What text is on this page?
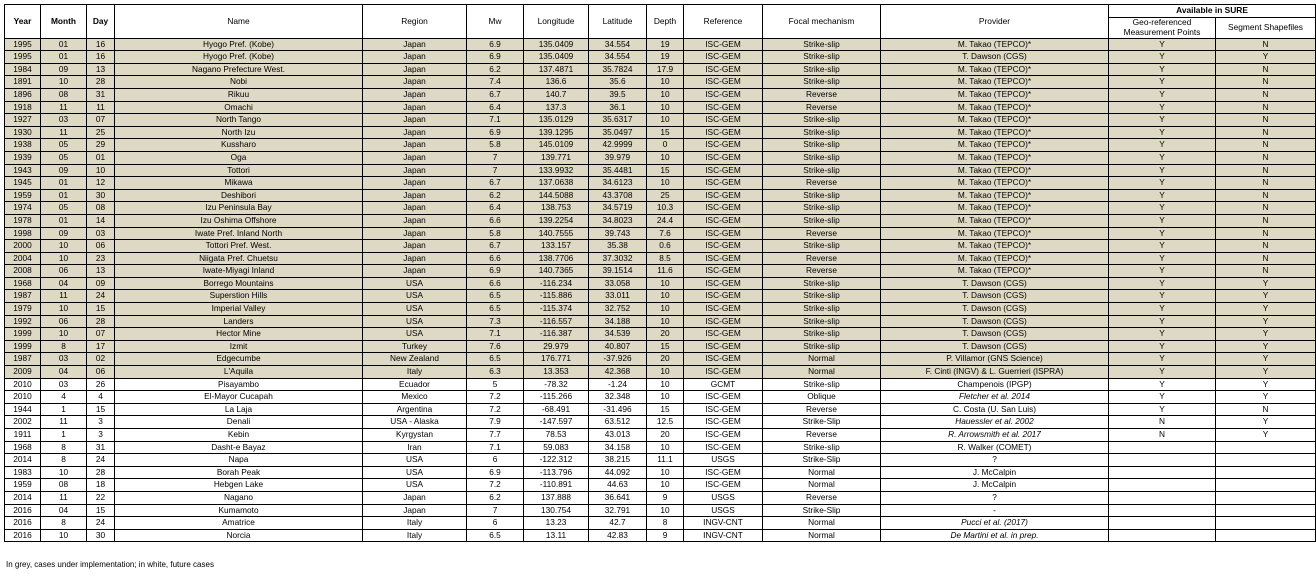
Year	Month	Day	Name	Region	Mw	Longitude	Latitude	Depth	Reference	Focal mechanism	Provider	Available in SURE	
												Geo-referenced Measurement Points	Segment Shapefiles
1995	01	16	Hyogo Pref. (Kobe)	Japan	6.9	135.0409	34.554	19	ISC-GEM	Strike-slip	M. Takao (TEPCO)*	Y	N
1995	01	16	Hyogo Pref. (Kobe)	Japan	6.9	135.0409	34.554	19	ISC-GEM	Strike-slip	T. Dawson (CGS)	Y	Y
1984	09	13	Nagano Prefecture West.	Japan	6.2	137.4871	35.7824	17.9	ISC-GEM	Strike-slip	M. Takao (TEPCO)*	Y	N
1891	10	28	Nobi	Japan	7.4	136.6	35.6	10	ISC-GEM	Strike-slip	M. Takao (TEPCO)*	Y	N
1896	08	31	Rikuu	Japan	6.7	140.7	39.5	10	ISC-GEM	Reverse	M. Takao (TEPCO)*	Y	N
1918	11	11	Omachi	Japan	6.4	137.3	36.1	10	ISC-GEM	Reverse	M. Takao (TEPCO)*	Y	N
1927	03	07	North Tango	Japan	7.1	135.0129	35.6317	10	ISC-GEM	Strike-slip	M. Takao (TEPCO)*	Y	N
1930	11	25	North Izu	Japan	6.9	139.1295	35.0497	15	ISC-GEM	Strike-slip	M. Takao (TEPCO)*	Y	N
1938	05	29	Kussharo	Japan	5.8	145.0109	42.9999	0	ISC-GEM	Strike-slip	M. Takao (TEPCO)*	Y	N
1939	05	01	Oga	Japan	7	139.771	39.979	10	ISC-GEM	Strike-slip	M. Takao (TEPCO)*	Y	N
1943	09	10	Tottori	Japan	7	133.9932	35.4481	15	ISC-GEM	Strike-slip	M. Takao (TEPCO)*	Y	N
1945	01	12	Mikawa	Japan	6.7	137.0638	34.6123	10	ISC-GEM	Reverse	M. Takao (TEPCO)*	Y	N
1959	01	30	Deshibori	Japan	6.2	144.5088	43.3708	25	ISC-GEM	Strike-slip	M. Takao (TEPCO)*	Y	N
1974	05	08	Izu Peninsula Bay	Japan	6.4	138.753	34.5719	10.3	ISC-GEM	Strike-slip	M. Takao (TEPCO)*	Y	N
1978	01	14	Izu Oshima Offshore	Japan	6.6	139.2254	34.8023	24.4	ISC-GEM	Strike-slip	M. Takao (TEPCO)*	Y	N
1998	09	03	Iwate Pref. Inland North	Japan	5.8	140.7555	39.743	7.6	ISC-GEM	Reverse	M. Takao (TEPCO)*	Y	N
2000	10	06	Tottori Pref. West.	Japan	6.7	133.157	35.38	0.6	ISC-GEM	Strike-slip	M. Takao (TEPCO)*	Y	N
2004	10	23	Niigata Pref. Chuetsu	Japan	6.6	138.7706	37.3032	8.5	ISC-GEM	Reverse	M. Takao (TEPCO)*	Y	N
2008	06	13	Iwate-Miyagi Inland	Japan	6.9	140.7365	39.1514	11.6	ISC-GEM	Reverse	M. Takao (TEPCO)*	Y	N
1968	04	09	Borrego Mountains	USA	6.6	-116.234	33.058	10	ISC-GEM	Strike-slip	T. Dawson (CGS)	Y	Y
1987	11	24	Superstion Hills	USA	6.5	-115.886	33.011	10	ISC-GEM	Strike-slip	T. Dawson (CGS)	Y	Y
1979	10	15	Imperial Valley	USA	6.5	-115.374	32.752	10	ISC-GEM	Strike-slip	T. Dawson (CGS)	Y	Y
1992	06	28	Landers	USA	7.3	-116.557	34.188	10	ISC-GEM	Strike-slip	T. Dawson (CGS)	Y	Y
1999	10	07	Hector Mine	USA	7.1	-116.387	34.539	20	ISC-GEM	Strike-slip	T. Dawson (CGS)	Y	Y
1999	8	17	Izmit	Turkey	7.6	29.979	40.807	15	ISC-GEM	Strike-slip	T. Dawson (CGS)	Y	Y
1987	03	02	Edgecumbe	New Zealand	6.5	176.771	-37.926	20	ISC-GEM	Normal	P. Villamor (GNS Science)	Y	Y
2009	04	06	L'Aquila	Italy	6.3	13.353	42.368	10	ISC-GEM	Normal	F. Cinti (INGV) & L. Guerrieri (ISPRA)	Y	Y
2010	03	26	Pisayambo	Ecuador	5	-78.32	-1.24	10	GCMT	Strike-slip	Champenois (IPGP)	Y	Y
2010	4	4	El-Mayor Cucapah	Mexico	7.2	-115.266	32.348	10	ISC-GEM	Oblique	Fletcher et al. 2014	Y	Y
1944	1	15	La Laja	Argentina	7.2	-68.491	-31.496	15	ISC-GEM	Reverse	C. Costa (U. San Luis)	Y	N
2002	11	3	Denali	USA - Alaska	7.9	-147.597	63.512	12.5	ISC-GEM	Strike-Slip	Hauessler et al. 2002	N	Y
1911	1	3	Kebin	Kyrgystan	7.7	78.53	43.013	20	ISC-GEM	Reverse	R. Arrowsmith et al. 2017	N	Y
1968	8	31	Dasht-e Bayaz	Iran	7.1	59.083	34.158	10	ISC-GEM	Strike-slip	R. Walker (COMET)		
2014	8	24	Napa	USA	6	-122.312	38.215	11.1	USGS	Strike-Slip	?		
1983	10	28	Borah Peak	USA	6.9	-113.796	44.092	10	ISC-GEM	Normal	J. McCalpin		
1959	08	18	Hebgen Lake	USA	7.2	-110.891	44.63	10	ISC-GEM	Normal	J. McCalpin		
2014	11	22	Nagano	Japan	6.2	137.888	36.641	9	USGS	Reverse	?		
2016	04	15	Kumamoto	Japan	7	130.754	32.791	10	USGS	Strike-Slip	-		
2016	8	24	Amatrice	Italy	6	13.23	42.7	8	INGV-CNT	Normal	Pucci et al. (2017)		
2016	10	30	Norcia	Italy	6.5	13.11	42.83	9	INGV-CNT	Normal	De Martini et al. in prep.		
In grey, cases under implementation; in white, future cases
